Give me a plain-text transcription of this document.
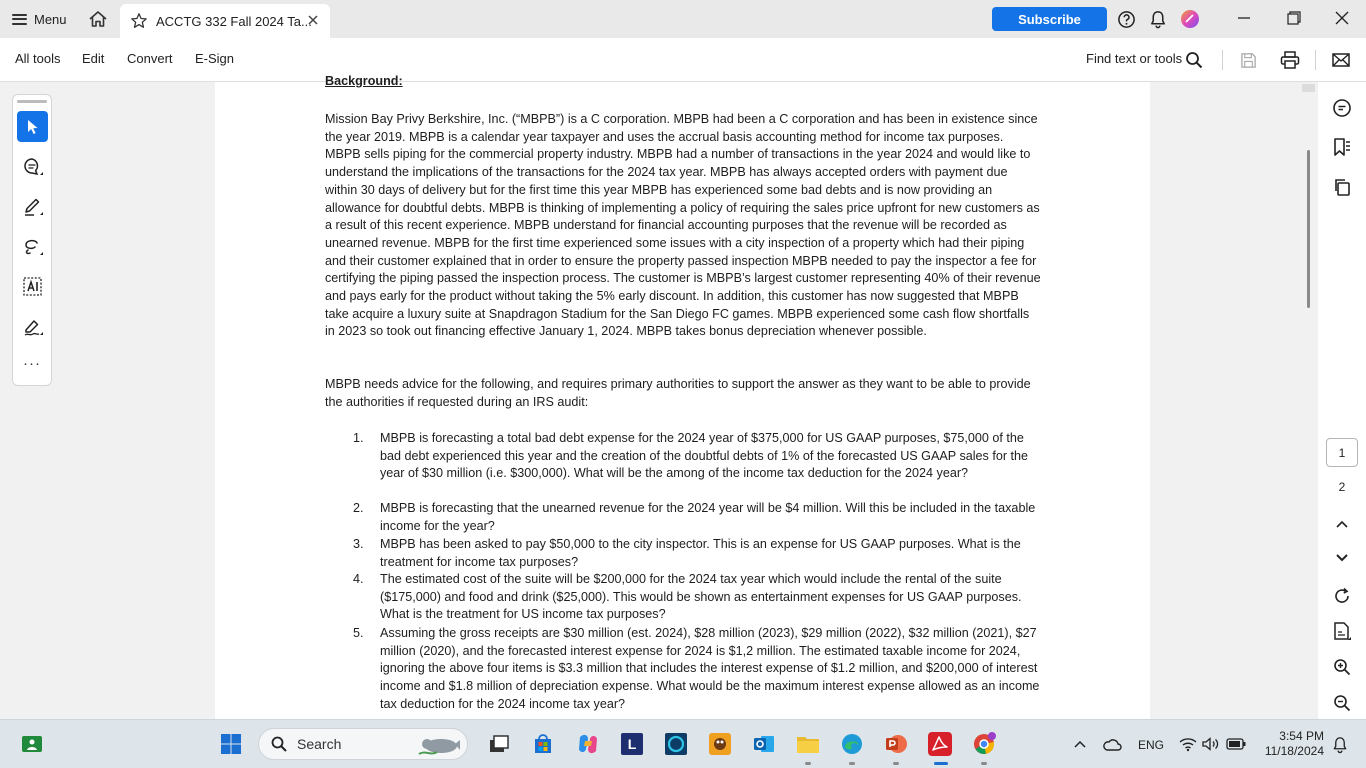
Menu	ACCTG 332 Fall 2024 Ta...	Subscribe
All tools Edit Convert E-Sign	Find text or tools
···
Background:
Mission Bay Privy Berkshire, Inc. (“MBPB”) is a C corporation. MBPB had been a C corporation and has been in existence since the year 2019. MBPB is a calendar year taxpayer and uses the accrual basis accounting method for income tax purposes. MBPB sells piping for the commercial property industry. MBPB had a number of transactions in the year 2024 and would like to understand the implications of the transactions for the 2024 tax year. MBPB has always accepted orders with payment due within 30 days of delivery but for the first time this year MBPB has experienced some bad debts and is now providing an allowance for doubtful debts. MBPB is thinking of implementing a policy of requiring the sales price upfront for new customers as a result of this recent experience. MBPB understand for financial accounting purposes that the revenue will be recorded as unearned revenue. MBPB for the first time experienced some issues with a city inspection of a property which had their piping and their customer explained that in order to ensure the property passed inspection MBPB needed to pay the inspector a fee for certifying the piping passed the inspection process. The customer is MBPB’s largest customer representing 40% of their revenue and pays early for the product without taking the 5% early discount. In addition, this customer has now suggested that MBPB take acquire a luxury suite at Snapdragon Stadium for the San Diego FC games. MBPB experienced some cash flow shortfalls in 2023 so took out financing effective January 1, 2024. MBPB takes bonus depreciation whenever possible.
MBPB needs advice for the following, and requires primary authorities to support the answer as they want to be able to provide the authorities if requested during an IRS audit:
1.	MBPB is forecasting a total bad debt expense for the 2024 year of $375,000 for US GAAP purposes, $75,000 of the bad debt experienced this year and the creation of the doubtful debts of 1% of the forecasted US GAAP sales for the year of $30 million (i.e. $300,000). What will be the among of the income tax deduction for the 2024 year?
2.	MBPB is forecasting that the unearned revenue for the 2024 year will be $4 million. Will this be included in the taxable income for the year?
3.	MBPB has been asked to pay $50,000 to the city inspector. This is an expense for US GAAP purposes. What is the treatment for income tax purposes?
4.	The estimated cost of the suite will be $200,000 for the 2024 tax year which would include the rental of the suite ($175,000) and food and drink ($25,000). This would be shown as entertainment expenses for US GAAP purposes. What is the treatment for US income tax purposes?
5.	Assuming the gross receipts are $30 million (est. 2024), $28 million (2023), $29 million (2022), $32 million (2021), $27 million (2020), and the forecasted interest expense for 2024 is $1,2 million. The estimated taxable income for 2024, ignoring the above four items is $3.3 million that includes the interest expense of $1.2 million, and $200,000 of interest income and $1.8 million of depreciation expense. What would be the maximum interest expense allowed as an income tax deduction for the 2024 income tax year?
1
2
Search	L	ENG
3:54 PM
11/18/2024
